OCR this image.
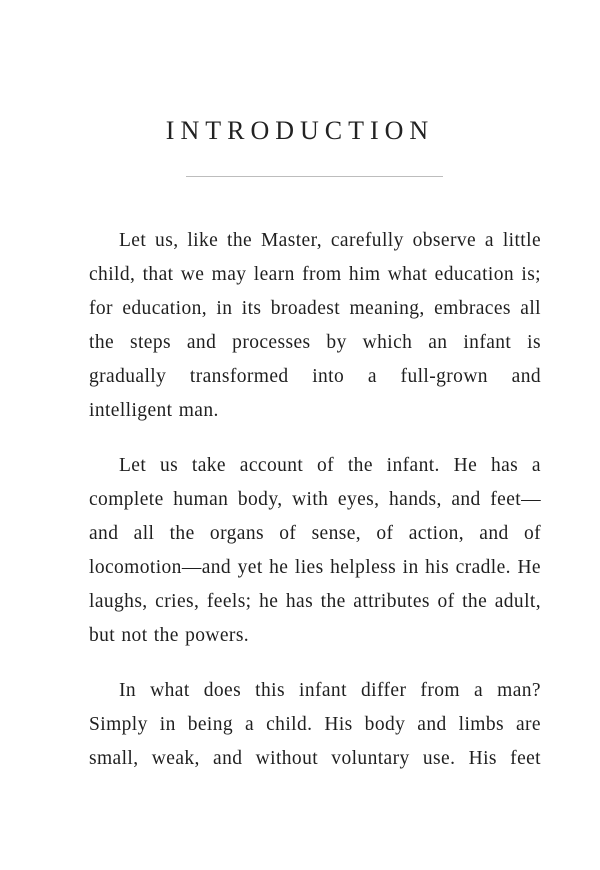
INTRODUCTION

Let us, like the Master, carefully observe a little child, that we may learn from him what education is; for education, in its broadest meaning, embraces all the steps and processes by which an infant is gradually transformed into a full-grown and intelligent man.

Let us take account of the infant. He has a complete human body, with eyes, hands, and feet—and all the organs of sense, of action, and of locomotion—and yet he lies helpless in his cradle. He laughs, cries, feels; he has the attributes of the adult, but not the powers.

In what does this infant differ from a man? Simply in being a child. His body and limbs are small, weak, and without voluntary use. His feet
